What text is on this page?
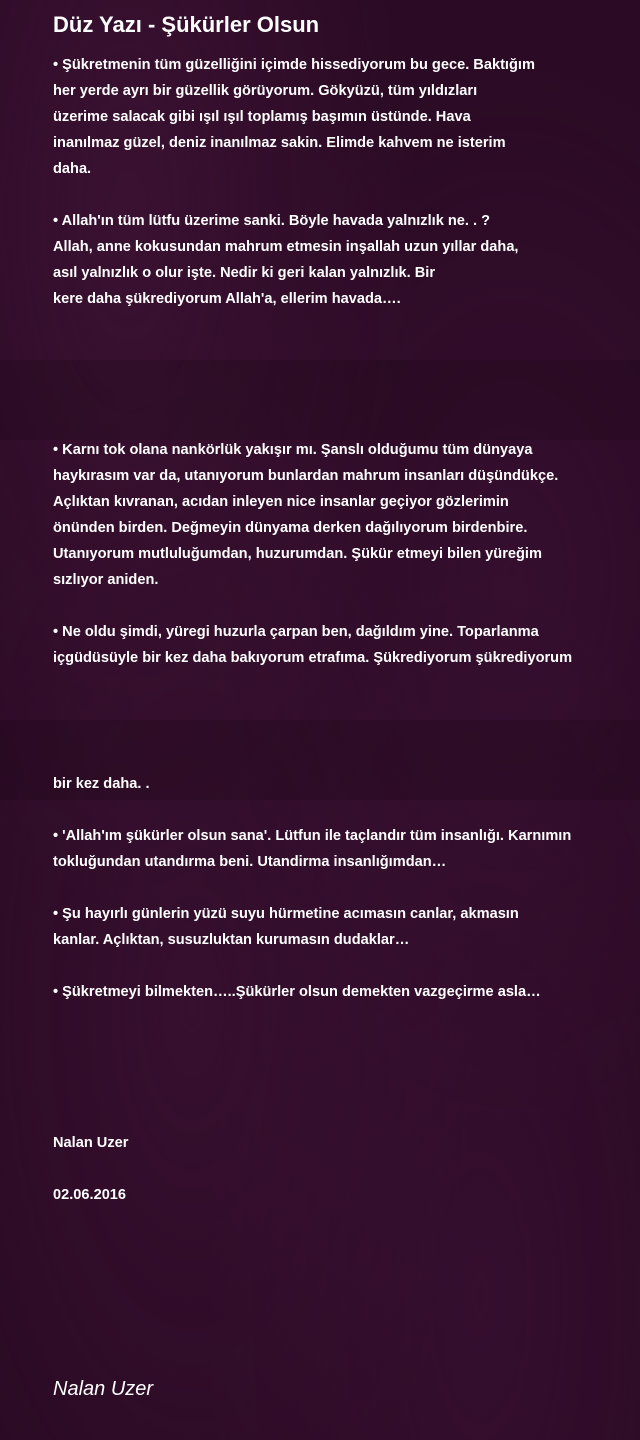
Düz Yazı - Şükürler Olsun

• Şükretmenin tüm güzelliğini içimde hissediyorum bu gece. Baktığım
her yerde ayrı bir güzellik görüyorum. Gökyüzü, tüm yıldızları
üzerime salacak gibi ışıl ışıl toplamış başımın üstünde. Hava
inanılmaz güzel, deniz inanılmaz sakin. Elimde kahvem ne isterim
daha.

• Allah'ın tüm lütfu üzerime sanki. Böyle havada yalnızlık ne. . ?
Allah, anne kokusundan mahrum etmesin inşallah uzun yıllar daha,
asıl yalnızlık o olur işte. Nedir ki geri kalan yalnızlık. Bir
kere daha şükrediyorum Allah'a, ellerim havada….

• Karnı tok olana nankörlük yakışır mı. Şanslı olduğumu tüm dünyaya
haykırasım var da, utanıyorum bunlardan mahrum insanları düşündükçe.
Açlıktan kıvranan, acıdan inleyen nice insanlar geçiyor gözlerimin
önünden birden. Değmeyin dünyama derken dağılıyorum birdenbire.
Utanıyorum mutluluğumdan, huzurumdan. Şükür etmeyi bilen yüreğim
sızlıyor aniden.

• Ne oldu şimdi, yüregi huzurla çarpan ben, dağıldım yine. Toparlanma
içgüdüsüyle bir kez daha bakıyorum etrafıma. Şükrediyorum şükrediyorum

bir kez daha. .

• 'Allah'ım şükürler olsun sana'. Lütfun ile taçlandır tüm insanlığı. Karnımın
tokluğundan utandırma beni. Utandirma insanlığımdan…

• Şu hayırlı günlerin yüzü suyu hürmetine acımasın canlar, akmasın
kanlar. Açlıktan, susuzluktan kurumasın dudaklar…

• Şükretmeyi bilmekten…..Şükürler olsun demekten vazgeçirme asla…

Nalan Uzer

02.06.2016

Nalan Uzer
